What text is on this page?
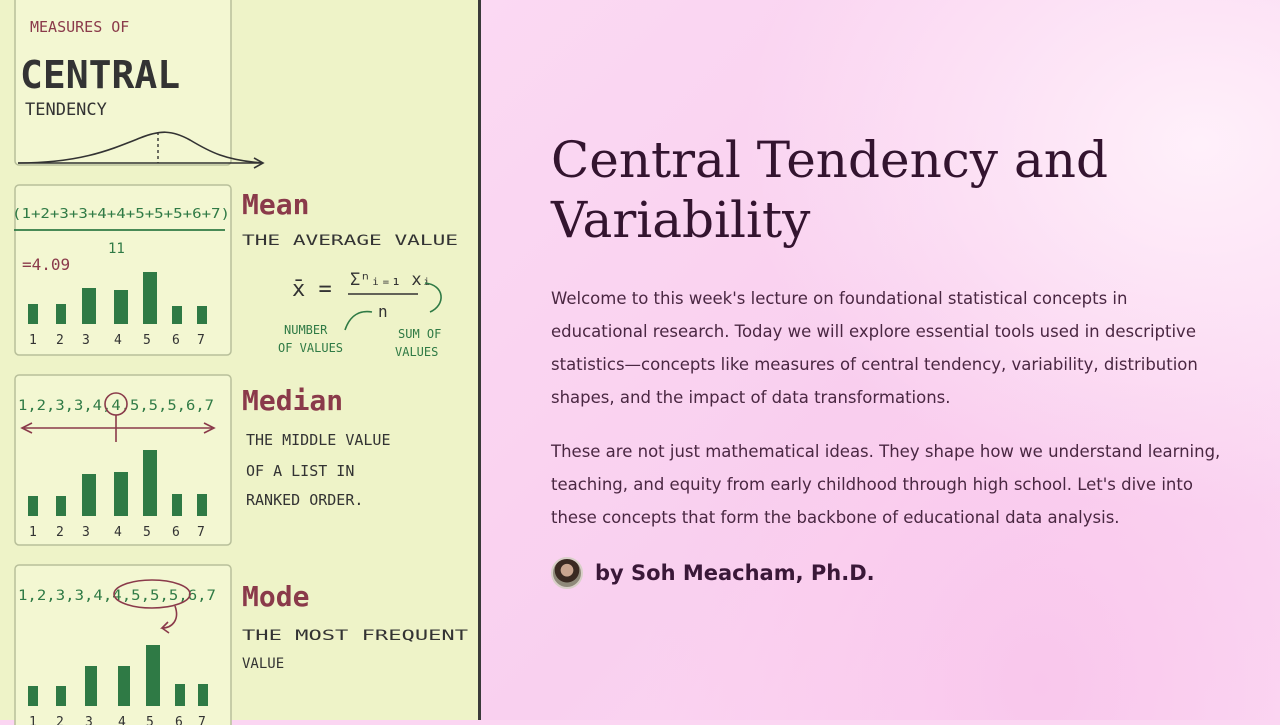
MEASURES OF
CENTRAL
TENDENCY
(1+2+3+3+4+4+5+5+5+6+7)
11
=4.09
1 2 3 4 5 6 7
Mean
THE AVERAGE VALUE
x̄ = Σⁿᵢ₌₁ xᵢ
n
NUMBER
OF VALUES
SUM OF
VALUES
1,2,3,3,4,4,5,5,5,6,7
1 2 3 4 5 6 7
Median
THE MIDDLE VALUE
OF A LIST IN
RANKED ORDER.
1,2,3,3,4,4,5,5,5,6,7
1 2 3 4 5 6 7
Mode
THE MOST FREQUENT
VALUE
Central Tendency and Variability

Welcome to this week's lecture on foundational statistical concepts in educational research. Today we will explore essential tools used in descriptive statistics—concepts like measures of central tendency, variability, distribution shapes, and the impact of data transformations.

These are not just mathematical ideas. They shape how we understand learning, teaching, and equity from early childhood through high school. Let's dive into these concepts that form the backbone of educational data analysis.

by Soh Meacham, Ph.D.
